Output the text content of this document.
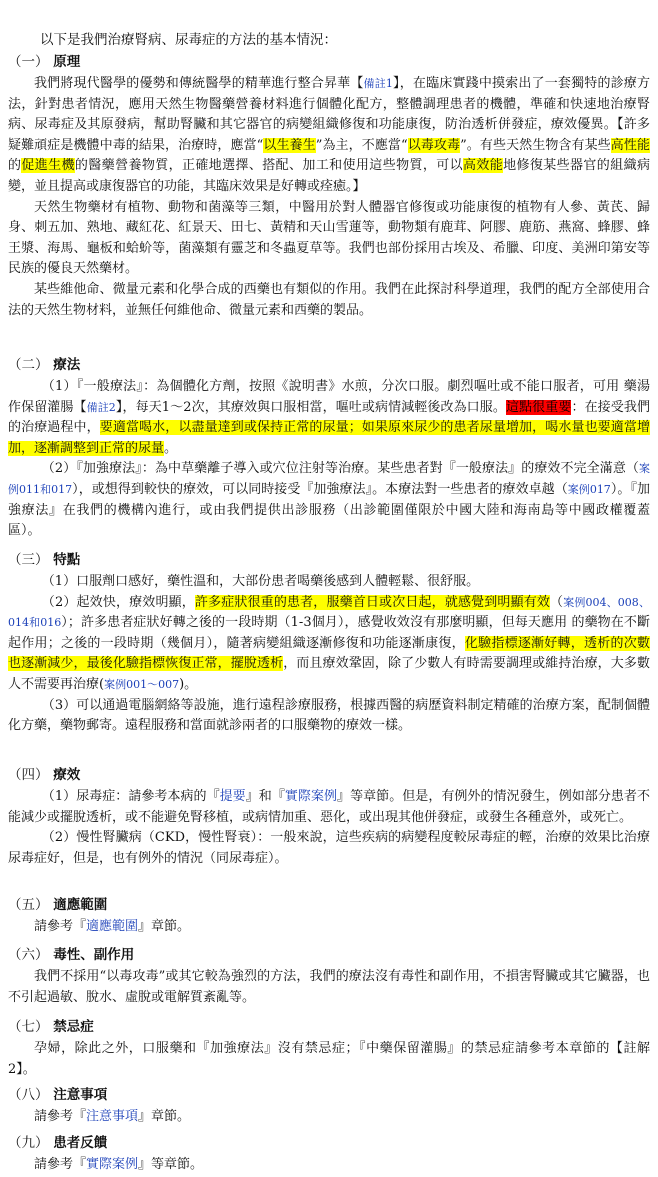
以下是我們治療腎病、尿毒症的方法的基本情況：
（一） 原理

我們將現代醫學的優勢和傳統醫學的精華進行整合昇華【備註1】，在臨床實踐中摸索出了一套獨特的診療方法，針對患者情況，應用天然生物醫藥營養材料進行個體化配方，整體調理患者的機體，準確和快速地治療腎病、尿毒症及其原發病，幫助腎臟和其它器官的病變組織修復和功能康復，防治透析併發症，療效優異。【許多疑難頑症是機體中毒的結果，治療時，應當“以生養生”為主，不應當“以毒攻毒”。有些天然生物含有某些高性能的促進生機的醫藥營養物質，正確地選擇、搭配、加工和使用這些物質，可以高效能地修復某些器官的組織病變，並且提高或康復器官的功能，其臨床效果是好轉或痊癒。】

天然生物藥材有植物、動物和菌藻等三類，中醫用於對人體器官修復或功能康復的植物有人參、黃芪、歸身、刺五加、熟地、藏紅花、紅景天、田七、黃精和天山雪蓮等，動物類有鹿茸、阿膠、鹿筋、燕窩、蜂膠、蜂王漿、海馬、龜板和蛤蚧等，菌藻類有靈芝和冬蟲夏草等。我們也部份採用古埃及、希臘、印度、美洲印第安等民族的優良天然藥材。

某些維他命、微量元素和化學合成的西藥也有類似的作用。我們在此探討科學道理，我們的配方全部使用合法的天然生物材料，並無任何維他命、微量元素和西藥的製品。

（二） 療法

（1）『一般療法』：為個體化方劑，按照《說明書》水煎，分次口服。劇烈嘔吐或不能口服者，可用 藥湯作保留灌腸【備註2】，每天1～2次，其療效與口服相當，嘔吐或病情減輕後改為口服。這點很重要：在接受我們的治療過程中，要適當喝水，以盡量達到或保持正常的尿量；如果原來尿少的患者尿量增加，喝水量也要適當增加，逐漸調整到正常的尿量。

（2）『加強療法』：為中草藥離子導入或穴位注射等治療。某些患者對『一般療法』的療效不完全滿意（案例011和017），或想得到較快的療效，可以同時接受『加強療法』。本療法對一些患者的療效卓越（案例017）。『加強療法』在我們的機構內進行，或由我們提供出診服務（出診範圍僅限於中國大陸和海南島等中國政權覆蓋區）。

（三） 特點

（1）口服劑口感好，藥性溫和，大部份患者喝藥後感到人體輕鬆、很舒服。

（2）起效快，療效明顯，許多症狀很重的患者，服藥首日或次日起，就感覺到明顯有效（案例004、008、014和016）；許多患者症狀好轉之後的一段時期（1-3個月），感覺收效沒有那麼明顯，但每天應用 的藥物在不斷起作用；之後的一段時期（幾個月），隨著病變組織逐漸修復和功能逐漸康復，化驗指標逐漸好轉，透析的次數也逐漸減少，最後化驗指標恢復正常，擺脫透析，而且療效鞏固，除了少數人有時需要調理或維持治療，大多數人不需要再治療(案例001～007)。

（3）可以通過電腦網絡等設施，進行遠程診療服務，根據西醫的病歷資料制定精確的治療方案，配制個體化方藥，藥物郵寄。遠程服務和當面就診兩者的口服藥物的療效一樣。

（四） 療效

（1）尿毒症：請參考本病的『提要』和『實際案例』等章節。但是，有例外的情況發生，例如部分患者不能減少或擺脫透析，或不能避免腎移植，或病情加重、惡化，或出現其他併發症，或發生各種意外，或死亡。

（2）慢性腎臟病（CKD，慢性腎衰）：一般來說，這些疾病的病變程度較尿毒症的輕，治療的效果比治療尿毒症好，但是，也有例外的情況（同尿毒症）。

（五） 適應範圍

請參考『適應範圍』章節。

（六） 毒性、副作用

我們不採用“以毒攻毒”或其它較為強烈的方法，我們的療法沒有毒性和副作用，不損害腎臟或其它臟器，也不引起過敏、脫水、虛脫或電解質紊亂等。

（七） 禁忌症

孕婦，除此之外，口服藥和『加強療法』沒有禁忌症；『中藥保留灌腸』的禁忌症請參考本章節的【註解2】。

（八） 注意事項

請參考『注意事項』章節。

（九） 患者反饋

請參考『實際案例』等章節。
